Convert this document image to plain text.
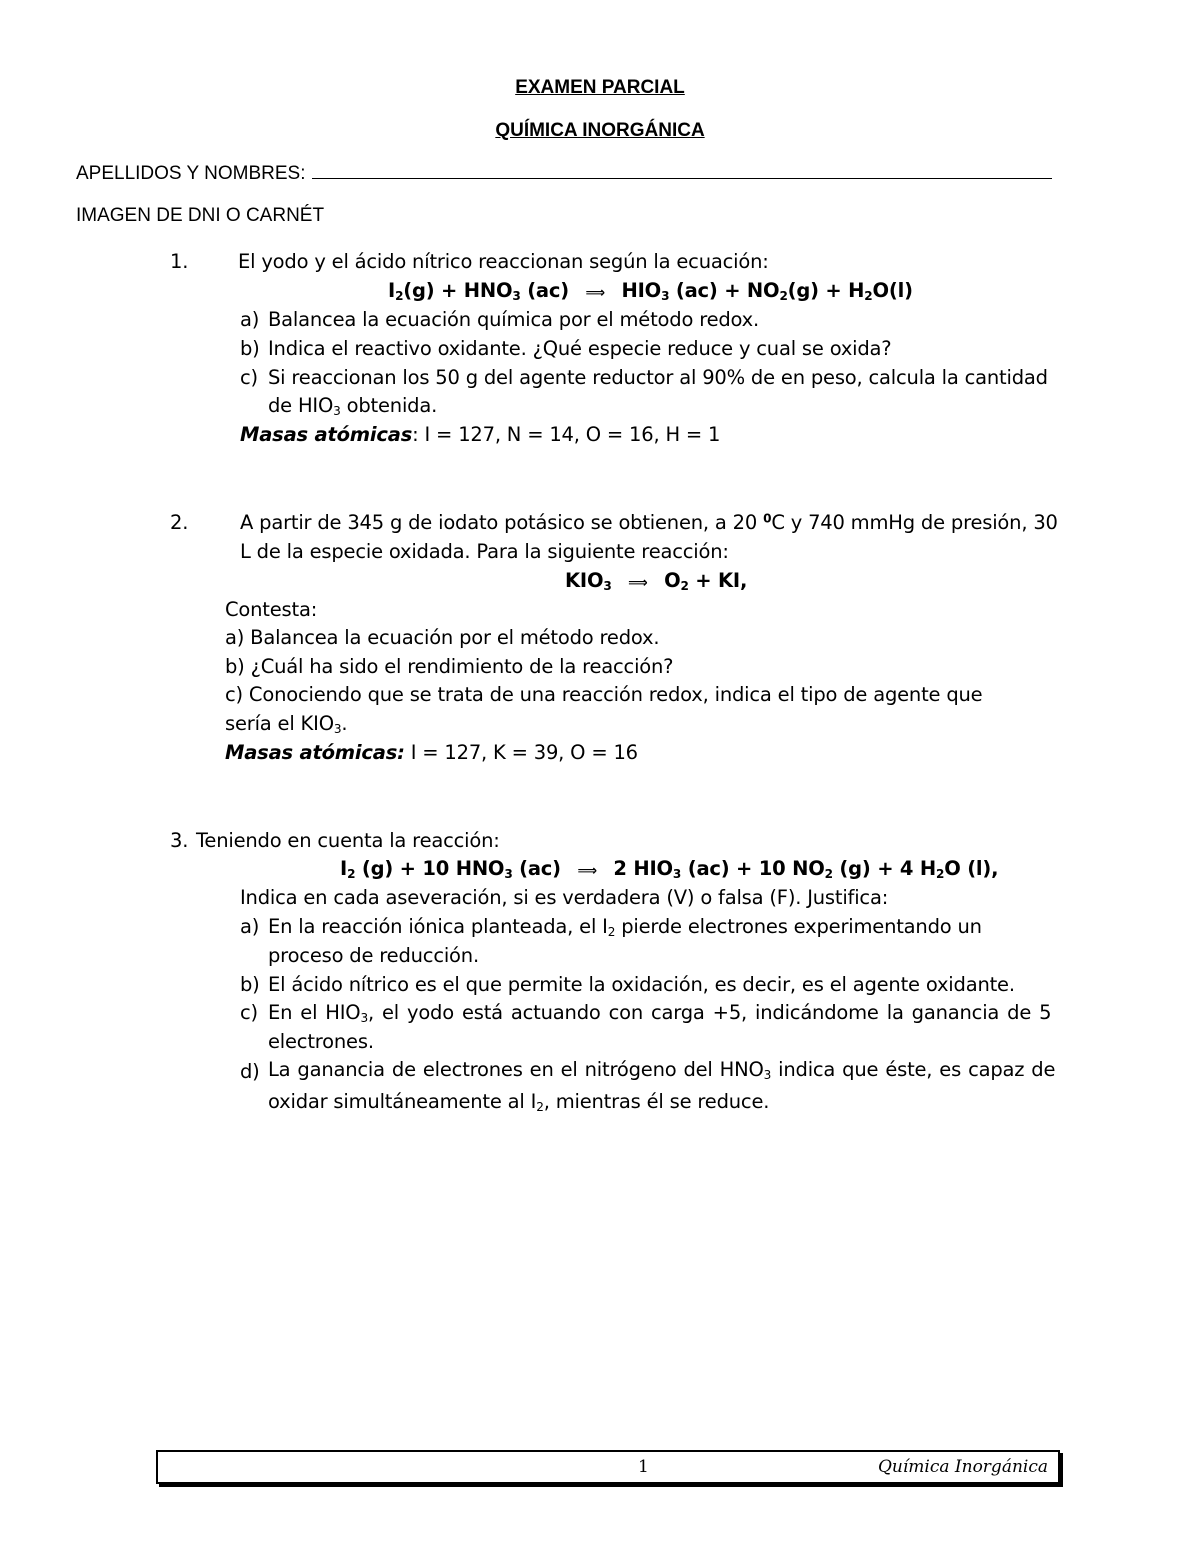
EXAMEN PARCIAL
QUÍMICA INORGÁNICA
APELLIDOS Y NOMBRES:
IMAGEN DE DNI O CARNÉT
1.	El yodo y el ácido nítrico reaccionan según la ecuación:
$I_2(g) + HNO_3$ (ac) ⟹ $HIO_3$ $(ac) + NO_2(g) + H_2O(l)$
a) Balancea la ecuación química por el método redox.
b) Indica el reactivo oxidante. ¿Qué especie reduce y cual se oxida?
c) Si reaccionan los 50 g del agente reductor al 90% de en peso, calcula la cantidad
de $HIO_3$ obtenida.
Masas atómicas: I = 127, N = 14, O = 16, H = 1
2.	A partir de 345 g de iodato potásico se obtienen, a 20 $^0$C y 740 mmHg de presión, 30
L de la especie oxidada. Para la siguiente reacción:
$KIO_3$ ⟹ $O_2$ + KI,
Contesta:
a) Balancea la ecuación por el método redox.
b) ¿Cuál ha sido el rendimiento de la reacción?
c) Conociendo que se trata de una reacción redox, indica el tipo de agente que
sería el $KIO_3$.
Masas atómicas: I = 127, K = 39, O = 16
3. Teniendo en cuenta la reacción:
$I_2$ (g) + 10 $HNO_3$ (ac) ⟹ 2 $HIO_3$ (ac) + 10 $NO_2$ (g) + 4 $H_2O$ (l),
Indica en cada aseveración, si es verdadera (V) o falsa (F). Justifica:
a) En la reacción iónica planteada, el $I_2$ pierde electrones experimentando un
proceso de reducción.
b) El ácido nítrico es el que permite la oxidación, es decir, es el agente oxidante.
c) En el $HIO_3$, el yodo está actuando con carga +5, indicándome la ganancia de 5
electrones.
d) La ganancia de electrones en el nitrógeno del $HNO_3$ indica que éste, es capaz de
oxidar simultáneamente al $I_2$, mientras él se reduce.
1	Química Inorgánica
